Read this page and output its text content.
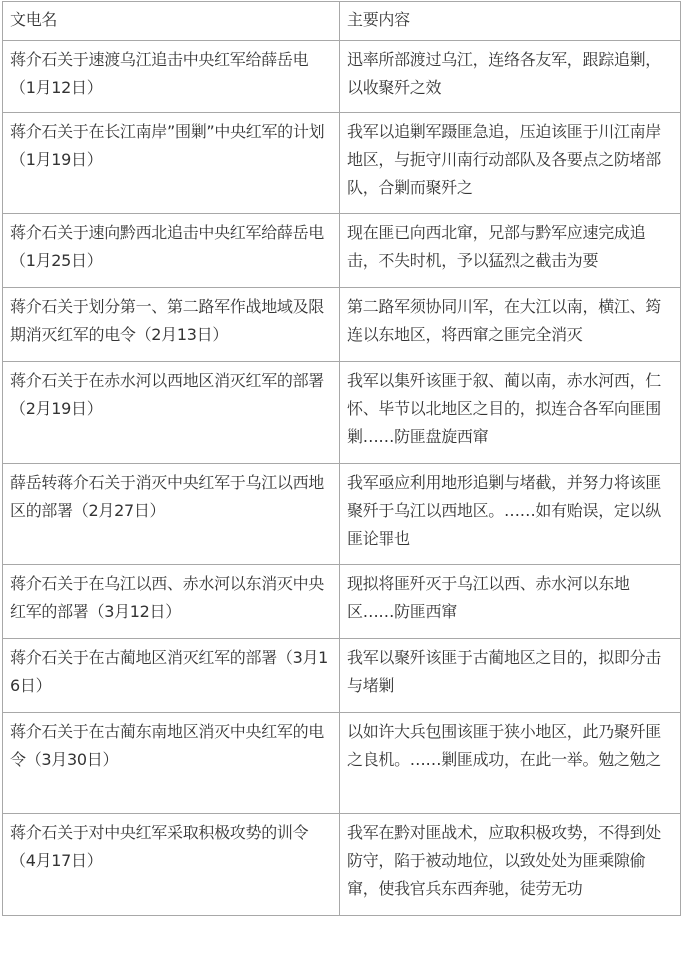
文电名	主要内容
蒋介石关于速渡乌江追击中央红军给薛岳电（1月12日）	迅率所部渡过乌江，连络各友军，跟踪追剿，以收聚歼之效
蒋介石关于在长江南岸”围剿”中央红军的计划（1月19日）	我军以追剿军蹑匪急追，压迫该匪于川江南岸地区，与扼守川南行动部队及各要点之防堵部队，合剿而聚歼之
蒋介石关于速向黔西北追击中央红军给薛岳电（1月25日）	现在匪已向西北窜，兄部与黔军应速完成追击，不失时机，予以猛烈之截击为要
蒋介石关于划分第一、第二路军作战地域及限期消灭红军的电令（2月13日）	第二路军须协同川军，在大江以南，横江、筠连以东地区，将西窜之匪完全消灭
蒋介石关于在赤水河以西地区消灭红军的部署（2月19日）	我军以集歼该匪于叙、蔺以南，赤水河西，仁怀、毕节以北地区之目的，拟连合各军向匪围剿……防匪盘旋西窜
薛岳转蒋介石关于消灭中央红军于乌江以西地区的部署（2月27日）	我军亟应利用地形追剿与堵截，并努力将该匪聚歼于乌江以西地区。……如有贻误，定以纵匪论罪也
蒋介石关于在乌江以西、赤水河以东消灭中央红军的部署（3月12日）	现拟将匪歼灭于乌江以西、赤水河以东地区……防匪西窜
蒋介石关于在古蔺地区消灭红军的部署（3月16日）	我军以聚歼该匪于古蔺地区之目的，拟即分击与堵剿
蒋介石关于在古蔺东南地区消灭中央红军的电令（3月30日）	以如许大兵包围该匪于狭小地区，此乃聚歼匪之良机。……剿匪成功，在此一举。勉之勉之
蒋介石关于对中央红军采取积极攻势的训令（4月17日）	我军在黔对匪战术，应取积极攻势，不得到处防守，陷于被动地位，以致处处为匪乘隙偷窜，使我官兵东西奔驰，徒劳无功
